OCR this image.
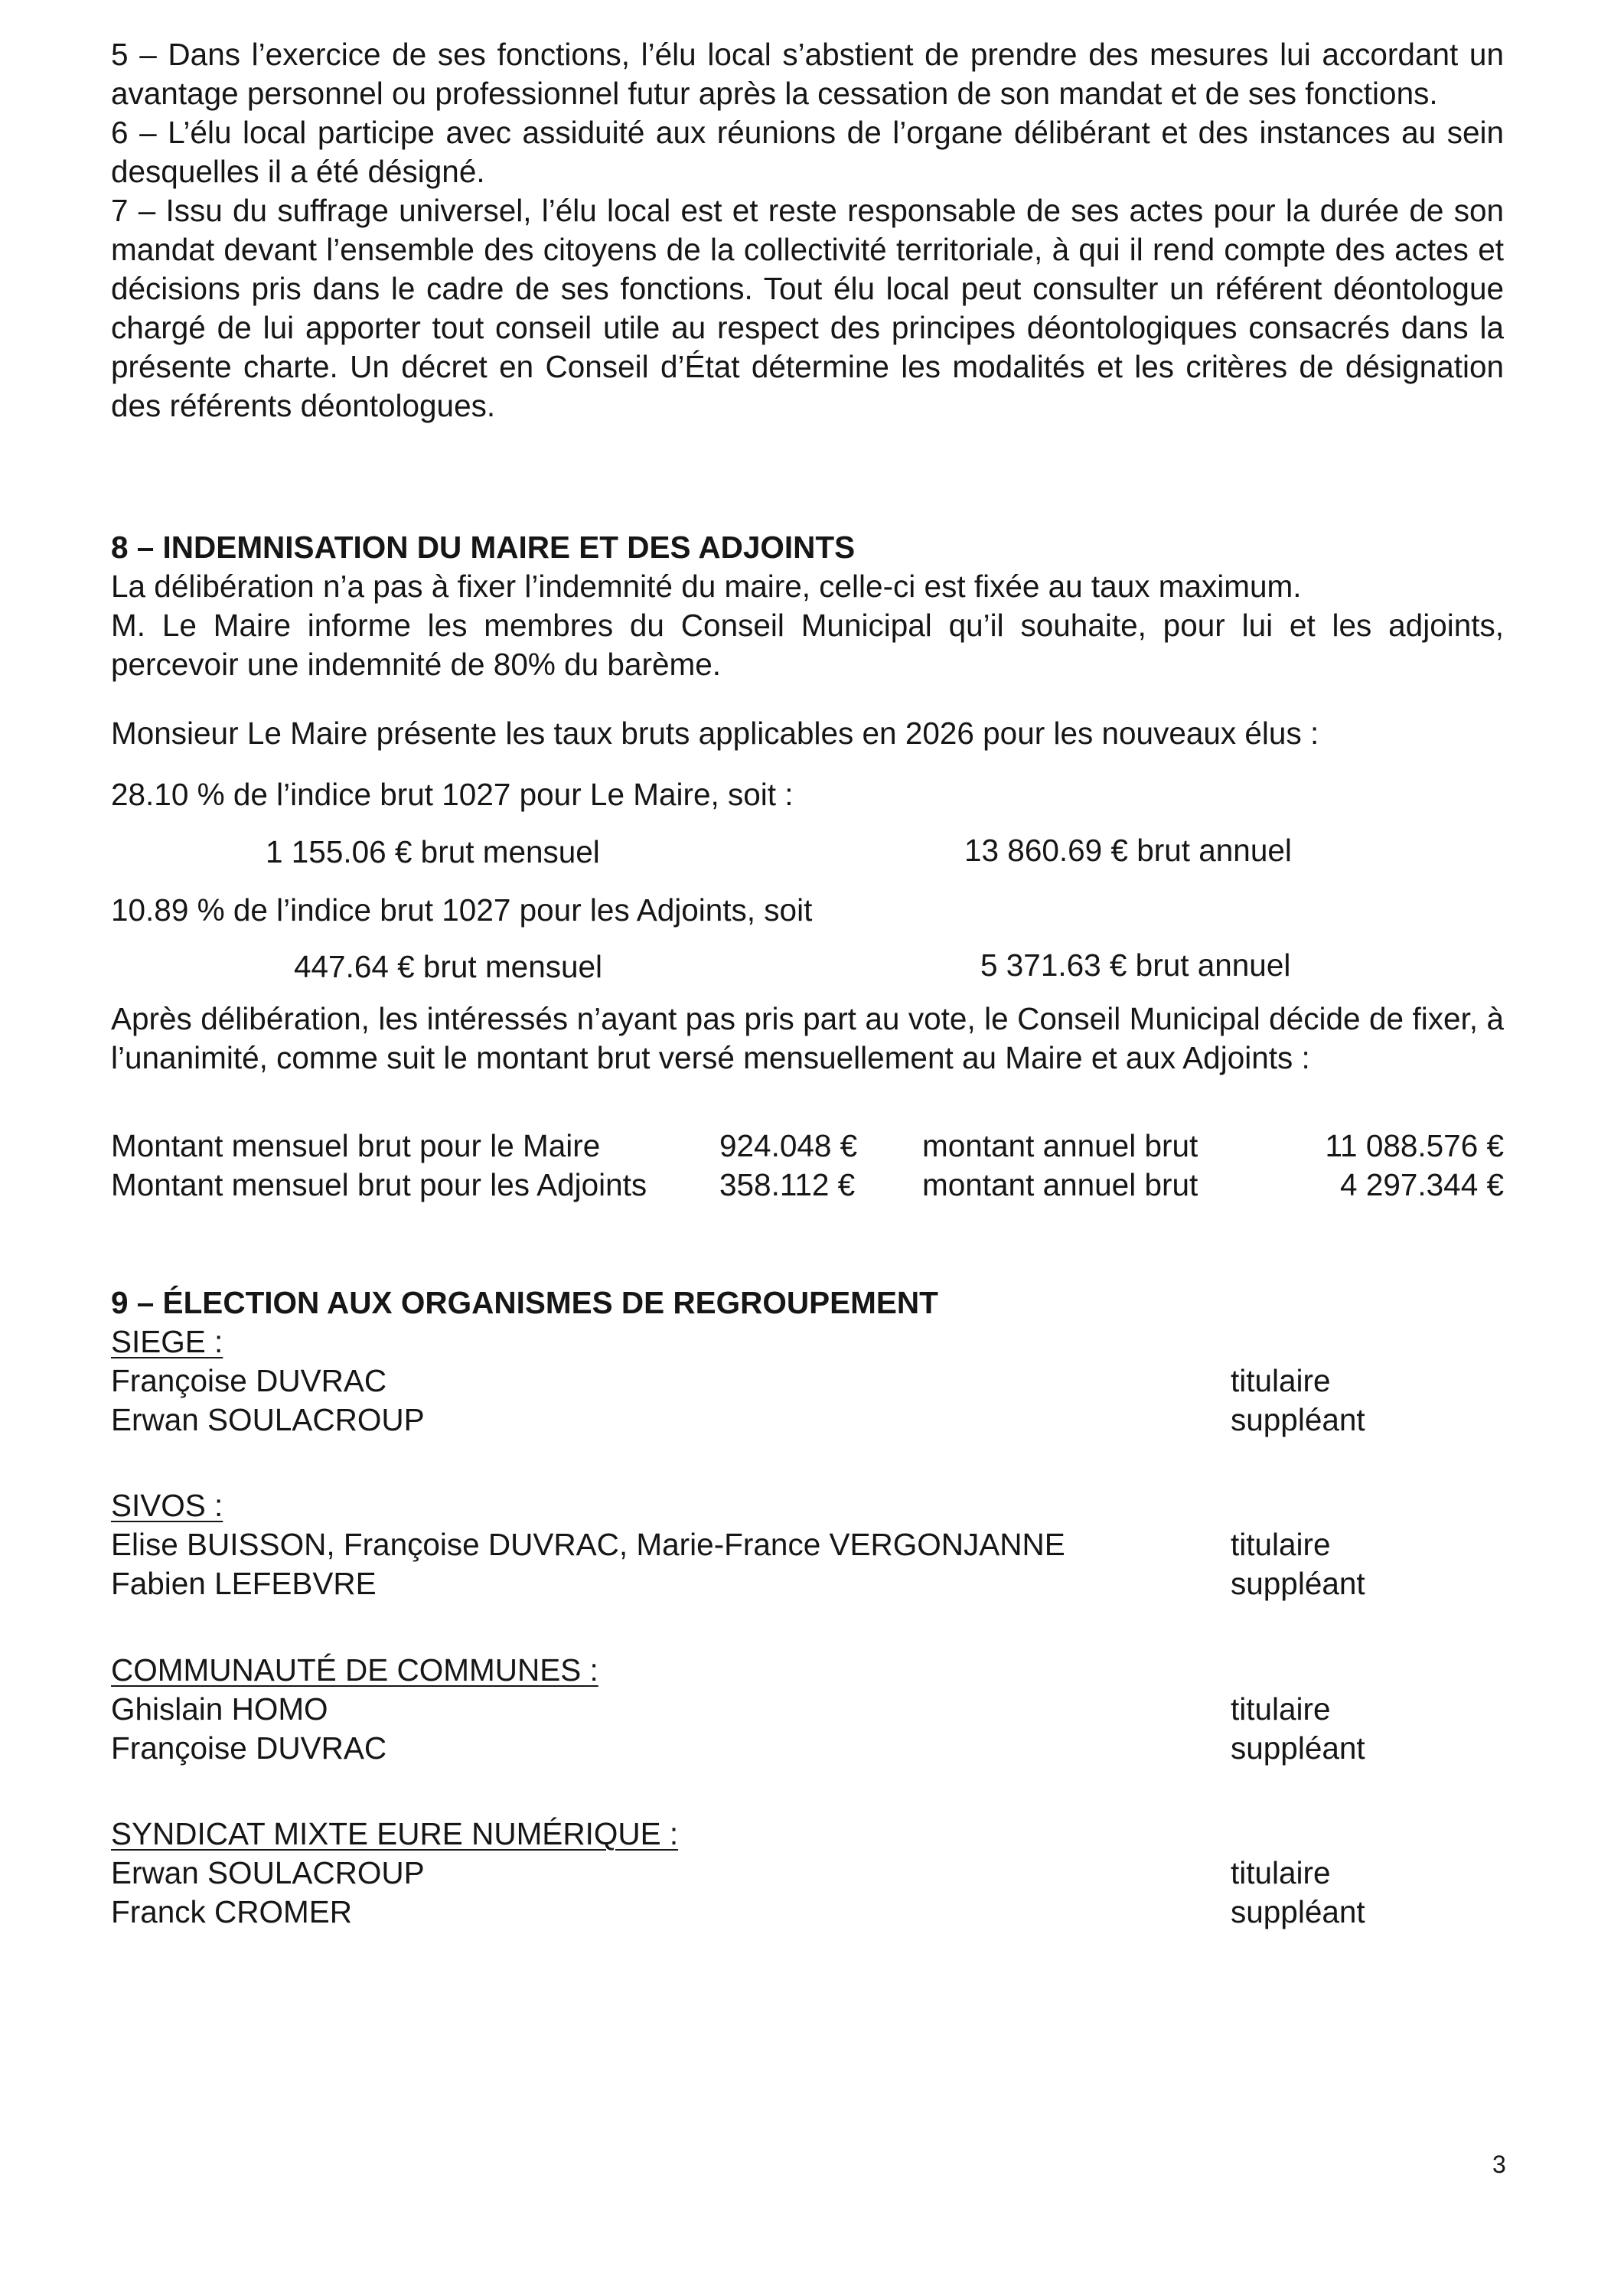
5 – Dans l’exercice de ses fonctions, l’élu local s’abstient de prendre des mesures lui accordant un avantage personnel ou professionnel futur après la cessation de son mandat et de ses fonctions.
6 – L’élu local participe avec assiduité aux réunions de l’organe délibérant et des instances au sein desquelles il a été désigné.
7 – Issu du suffrage universel, l’élu local est et reste responsable de ses actes pour la durée de son mandat devant l’ensemble des citoyens de la collectivité territoriale, à qui il rend compte des actes et décisions pris dans le cadre de ses fonctions. Tout élu local peut consulter un référent déontologue chargé de lui apporter tout conseil utile au respect des principes déontologiques consacrés dans la présente charte. Un décret en Conseil d’État détermine les modalités et les critères de désignation des référents déontologues.
8 – INDEMNISATION DU MAIRE ET DES ADJOINTS
La délibération n’a pas à fixer l’indemnité du maire, celle-ci est fixée au taux maximum.
M. Le Maire informe les membres du Conseil Municipal qu’il souhaite, pour lui et les adjoints, percevoir une indemnité de 80% du barème.
Monsieur Le Maire présente les taux bruts applicables en 2026 pour les nouveaux élus :
28.10 % de l’indice brut 1027 pour Le Maire, soit :
1 155.06 € brut mensuel	13 860.69 € brut annuel
10.89 % de l’indice brut 1027 pour les Adjoints, soit
447.64 € brut mensuel	5 371.63 € brut annuel
Après délibération, les intéressés n’ayant pas pris part au vote, le Conseil Municipal décide de fixer, à l’unanimité, comme suit le montant brut versé mensuellement au Maire et aux Adjoints :
Montant mensuel brut pour le Maire	924.048 € montant annuel brut	11 088.576 €
Montant mensuel brut pour les Adjoints 358.112 € montant annuel brut	4 297.344 €
9 – ÉLECTION AUX ORGANISMES DE REGROUPEMENT
SIEGE :
Françoise DUVRAC	titulaire
Erwan SOULACROUP	suppléant
SIVOS :
Elise BUISSON, Françoise DUVRAC, Marie-France VERGONJANNE	titulaire
Fabien LEFEBVRE	suppléant
COMMUNAUTÉ DE COMMUNES :
Ghislain HOMO	titulaire
Françoise DUVRAC	suppléant
SYNDICAT MIXTE EURE NUMÉRIQUE :
Erwan SOULACROUP	titulaire
Franck CROMER	suppléant
3
